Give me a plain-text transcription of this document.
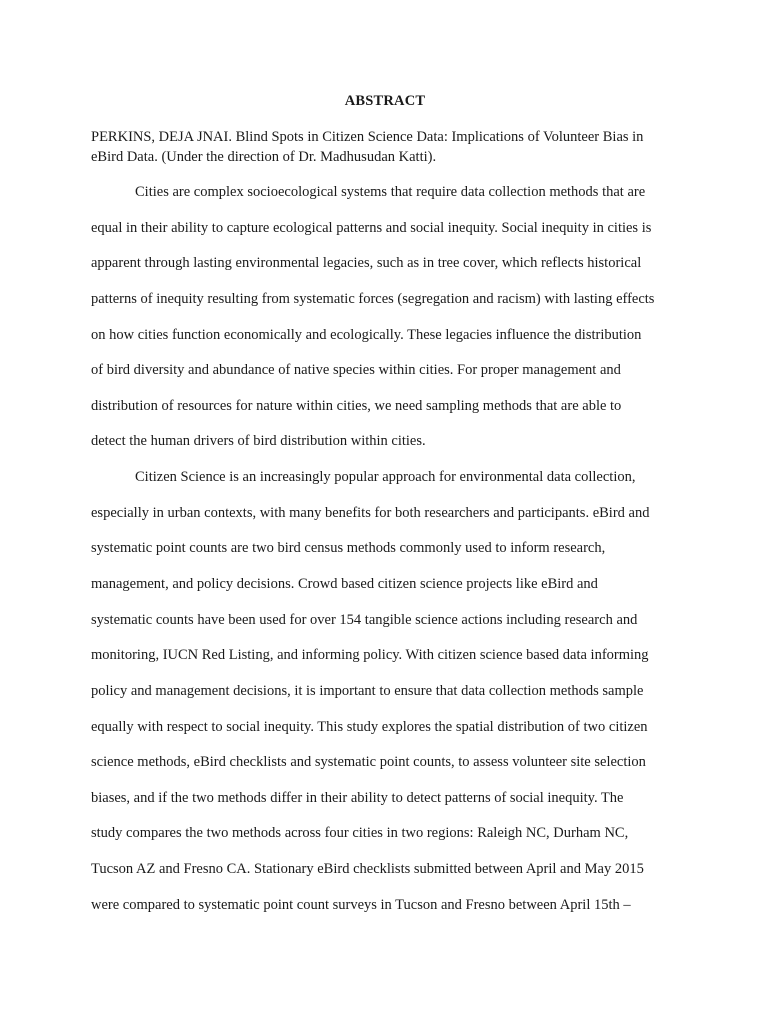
ABSTRACT
PERKINS, DEJA JNAI. Blind Spots in Citizen Science Data: Implications of Volunteer Bias in
eBird Data. (Under the direction of Dr. Madhusudan Katti).
Cities are complex socioecological systems that require data collection methods that are
equal in their ability to capture ecological patterns and social inequity. Social inequity in cities is
apparent through lasting environmental legacies, such as in tree cover, which reflects historical
patterns of inequity resulting from systematic forces (segregation and racism) with lasting effects
on how cities function economically and ecologically. These legacies influence the distribution
of bird diversity and abundance of native species within cities. For proper management and
distribution of resources for nature within cities, we need sampling methods that are able to
detect the human drivers of bird distribution within cities.
Citizen Science is an increasingly popular approach for environmental data collection,
especially in urban contexts, with many benefits for both researchers and participants. eBird and
systematic point counts are two bird census methods commonly used to inform research,
management, and policy decisions. Crowd based citizen science projects like eBird and
systematic counts have been used for over 154 tangible science actions including research and
monitoring, IUCN Red Listing, and informing policy. With citizen science based data informing
policy and management decisions, it is important to ensure that data collection methods sample
equally with respect to social inequity. This study explores the spatial distribution of two citizen
science methods, eBird checklists and systematic point counts, to assess volunteer site selection
biases, and if the two methods differ in their ability to detect patterns of social inequity. The
study compares the two methods across four cities in two regions: Raleigh NC, Durham NC,
Tucson AZ and Fresno CA. Stationary eBird checklists submitted between April and May 2015
were compared to systematic point count surveys in Tucson and Fresno between April 15th –
